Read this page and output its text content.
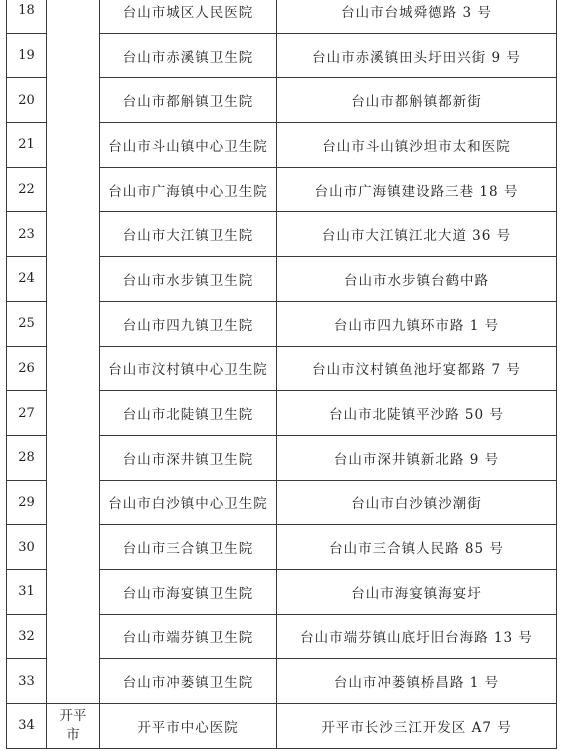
18		台山市城区人民医院	台山市台城舜德路 3 号
19		台山市赤溪镇卫生院	台山市赤溪镇田头圩田兴街 9 号
20		台山市都斛镇卫生院	台山市都斛镇都新街
21		台山市斗山镇中心卫生院	台山市斗山镇沙坦市太和医院
22		台山市广海镇中心卫生院	台山市广海镇建设路三巷 18 号
23		台山市大江镇卫生院	台山市大江镇江北大道 36 号
24		台山市水步镇卫生院	台山市水步镇台鹤中路
25		台山市四九镇卫生院	台山市四九镇环市路 1 号
26		台山市汶村镇中心卫生院	台山市汶村镇鱼池圩宴都路 7 号
27		台山市北陡镇卫生院	台山市北陡镇平沙路 50 号
28		台山市深井镇卫生院	台山市深井镇新北路 9 号
29		台山市白沙镇中心卫生院	台山市白沙镇沙潮街
30		台山市三合镇卫生院	台山市三合镇人民路 85 号
31		台山市海宴镇卫生院	台山市海宴镇海宴圩
32		台山市端芬镇卫生院	台山市端芬镇山底圩旧台海路 13 号
33		台山市冲蒌镇卫生院	台山市冲蒌镇桥昌路 1 号
34	开平市	开平市中心医院	开平市长沙三江开发区 A7 号
